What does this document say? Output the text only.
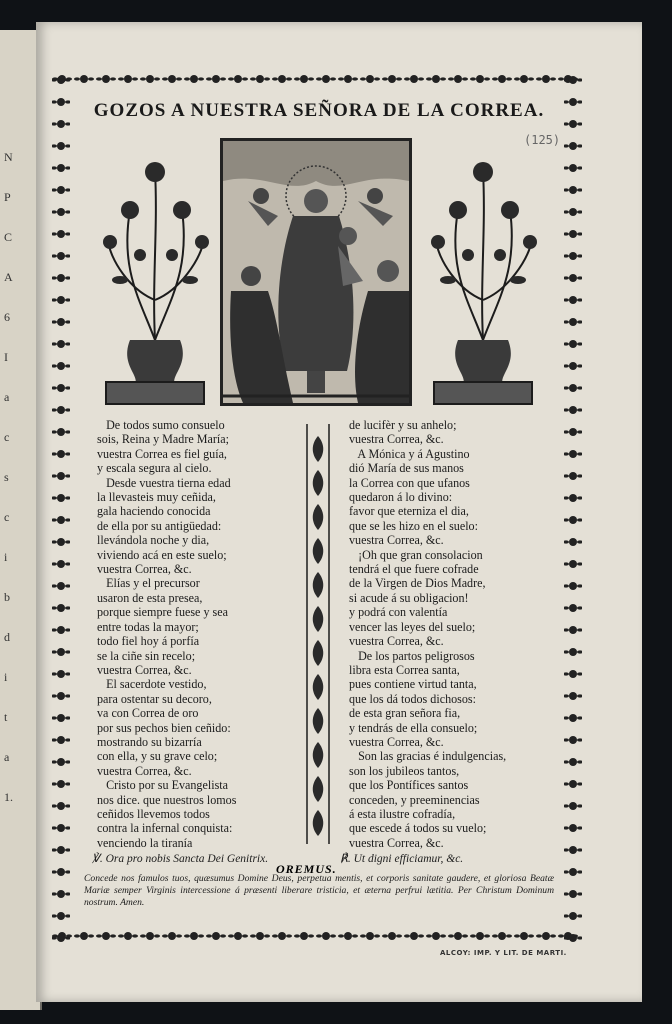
N
P
C
A
6
I
a
c
s
c
i
b
d
i
t
a
1.
GOZOS A NUESTRA SEÑORA DE LA CORREA.
(125)
De todos sumo consuelo
sois, Reina y Madre María;
vuestra Correa es fiel guía,
y escala segura al cielo.
Desde vuestra tierna edad
la llevasteis muy ceñida,
gala haciendo conocida
de ella por su antigüedad:
llevándola noche y dia,
viviendo acá en este suelo;
vuestra Correa, &c.
Elías y el precursor
usaron de esta presea,
porque siempre fuese y sea
entre todas la mayor;
todo fiel hoy á porfía
se la ciñe sin recelo;
vuestra Correa, &c.
El sacerdote vestido,
para ostentar su decoro,
va con Correa de oro
por sus pechos bien ceñido:
mostrando su bizarría
con ella, y su grave celo;
vuestra Correa, &c.
Cristo por su Evangelista
nos dice. que nuestros lomos
ceñidos llevemos todos
contra la infernal conquista:
venciendo la tiranía
de lucifèr y su anhelo;
vuestra Correa, &c.
A Mónica y á Agustino
dió María de sus manos
la Correa con que ufanos
quedaron á lo divino:
favor que eterniza el dia,
que se les hizo en el suelo:
vuestra Correa, &c.
¡Oh que gran consolacion
tendrá el que fuere cofrade
de la Virgen de Dios Madre,
si acude á su obligacion!
y podrá con valentía
vencer las leyes del suelo;
vuestra Correa, &c.
De los partos peligrosos
libra esta Correa santa,
pues contiene virtud tanta,
que los dá todos dichosos:
de esta gran señora fia,
y tendrás de ella consuelo;
vuestra Correa, &c.
Son las gracias é indulgencias,
son los jubileos tantos,
que los Pontífices santos
conceden, y preeminencias
á esta ilustre cofradía,
que escede á todos su vuelo;
vuestra Correa, &c.
℣. Ora pro nobis Sancta Dei Genitrix.	℟. Ut digni efficiamur, &c.
OREMUS.
Concede nos famulos tuos, quæsumus Domine Deus, perpetua mentis, et corporis sanitate gaudere, et gloriosa Beatæ Mariæ semper Virginis intercessione á præsenti liberare tristicia, et æterna perfrui lætitia. Per Christum Dominum nostrum. Amen.
ALCOY: IMP. Y LIT. DE MARTI.
